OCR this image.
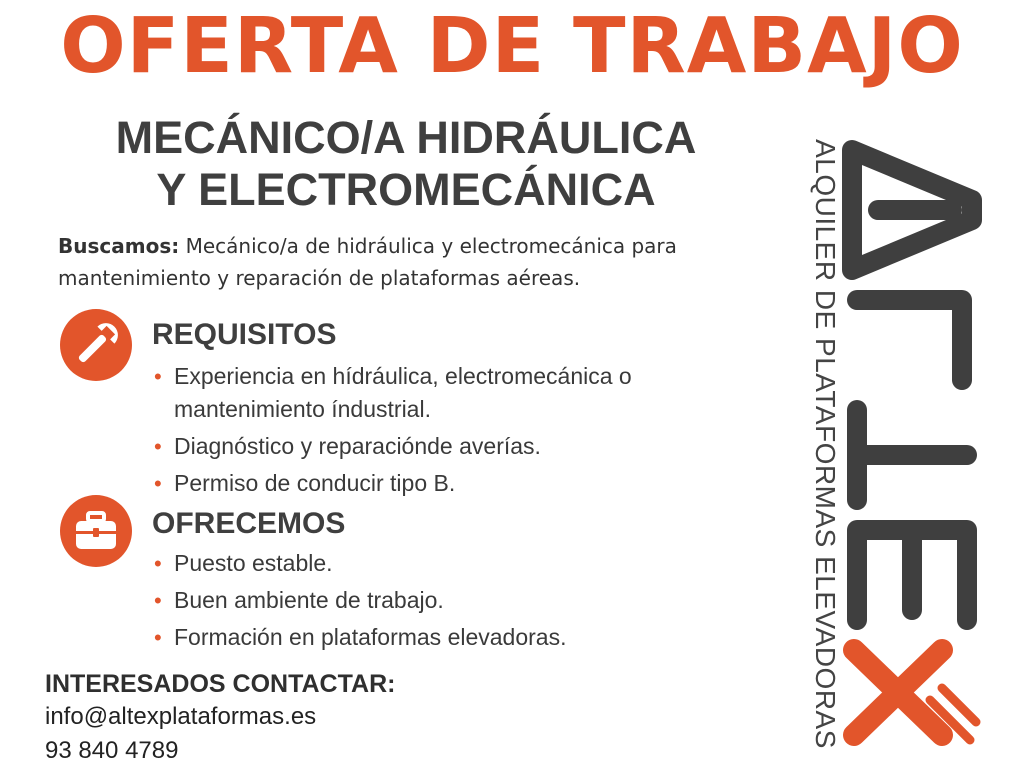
OFERTA DE TRABAJO
MECÁNICO/A HIDRÁULICA
Y ELECTROMECÁNICA
Buscamos: Mecánico/a de hidráulica y electromecánica para mantenimiento y reparación de plataformas aéreas.
REQUISITOS
• Experiencia en hídráulica, electromecánica o mantenimiento índustrial.
• Diagnóstico y reparaciónde averías.
• Permiso de conducir tipo B.
OFRECEMOS
• Puesto estable.
• Buen ambiente de trabajo.
• Formación en plataformas elevadoras.
INTERESADOS CONTACTAR:
info@altexplataformas.es
93 840 4789
ALQUILER DE PLATAFORMAS ELEVADORAS
